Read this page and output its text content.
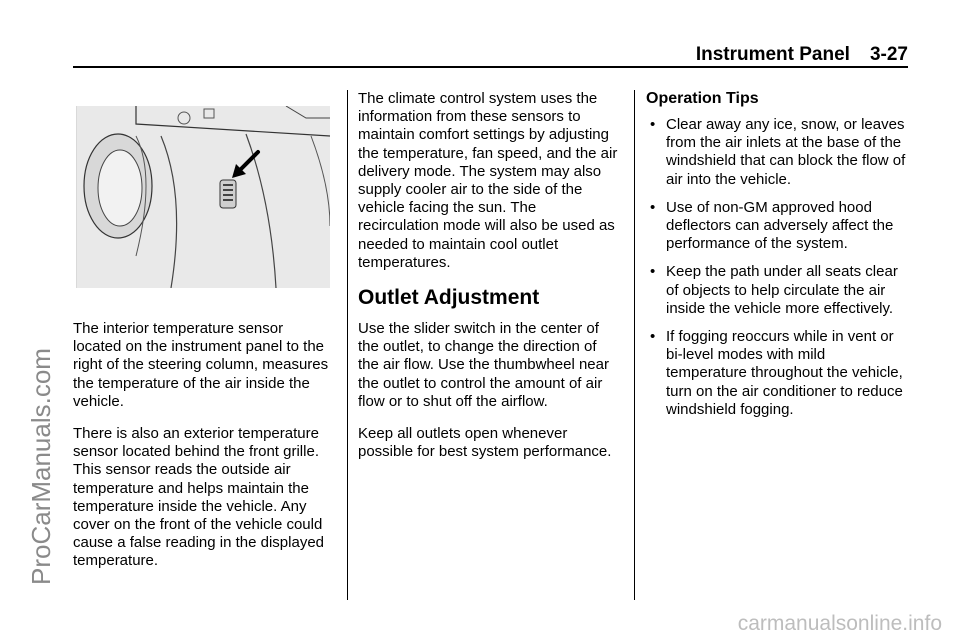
Instrument Panel 3-27
ProCarManuals.com
carmanualsonline.info

The interior temperature sensor located on the instrument panel to the right of the steering column, measures the temperature of the air inside the vehicle.

There is also an exterior temperature sensor located behind the front grille. This sensor reads the outside air temperature and helps maintain the temperature inside the vehicle. Any cover on the front of the vehicle could cause a false reading in the displayed temperature.

The climate control system uses the information from these sensors to maintain comfort settings by adjusting the temperature, fan speed, and the air delivery mode. The system may also supply cooler air to the side of the vehicle facing the sun. The recirculation mode will also be used as needed to maintain cool outlet temperatures.

Outlet Adjustment

Use the slider switch in the center of the outlet, to change the direction of the air flow. Use the thumbwheel near the outlet to control the amount of air flow or to shut off the airflow.

Keep all outlets open whenever possible for best system performance.

Operation Tips
• Clear away any ice, snow, or leaves from the air inlets at the base of the windshield that can block the flow of air into the vehicle.
• Use of non-GM approved hood deflectors can adversely affect the performance of the system.
• Keep the path under all seats clear of objects to help circulate the air inside the vehicle more effectively.
• If fogging reoccurs while in vent or bi-level modes with mild temperature throughout the vehicle, turn on the air conditioner to reduce windshield fogging.
